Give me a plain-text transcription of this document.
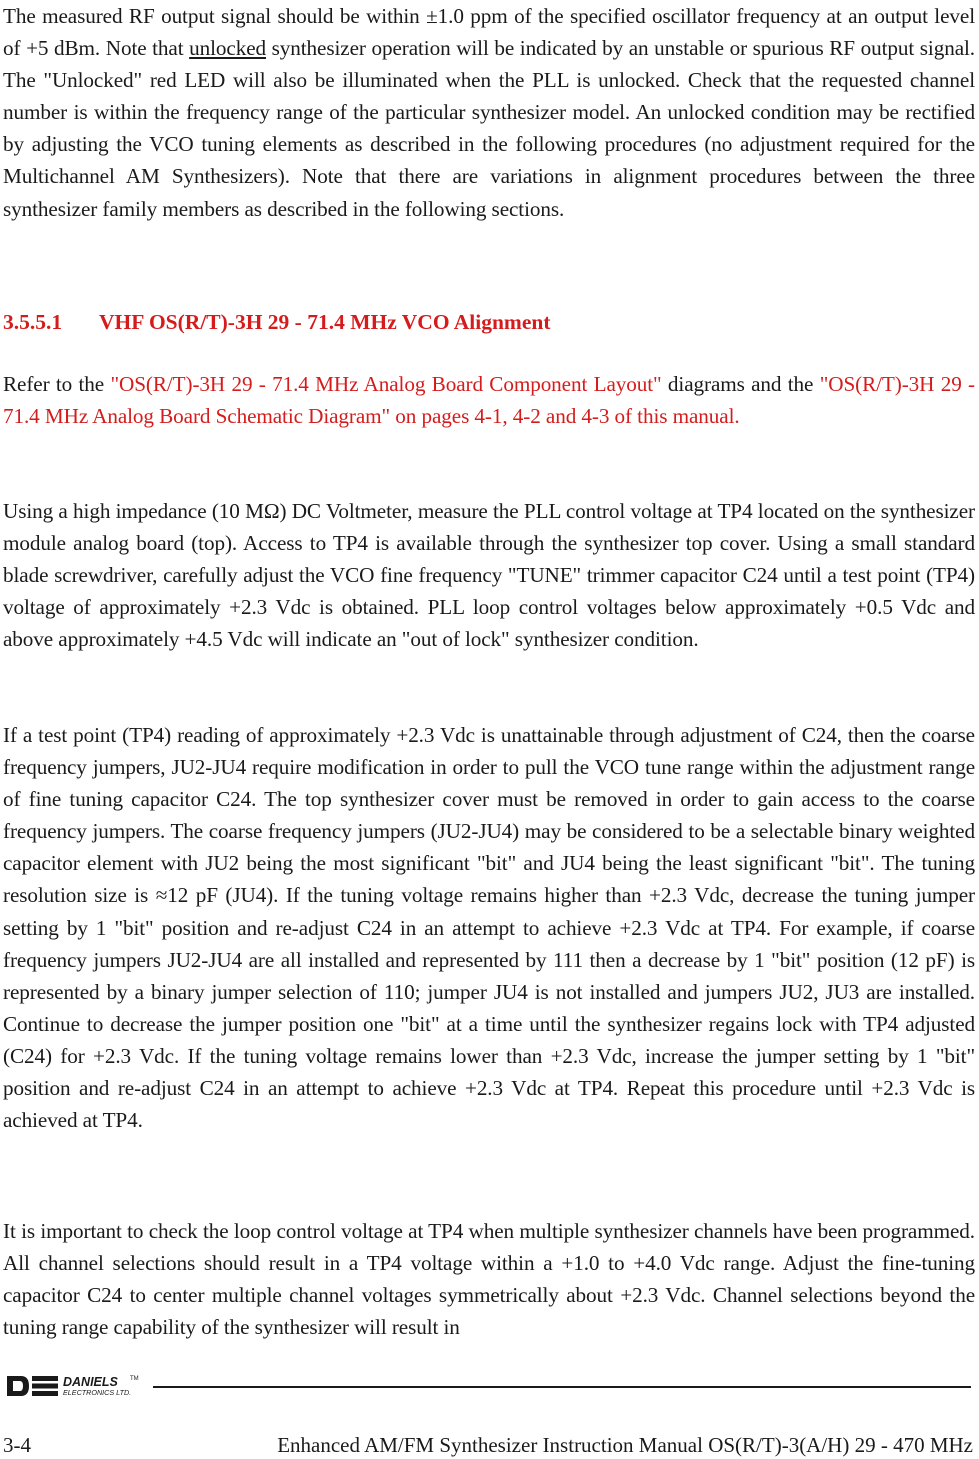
The measured RF output signal should be within ±1.0 ppm of the specified oscillator frequency at an output level of +5 dBm. Note that unlocked synthesizer operation will be indicated by an unstable or spurious RF output signal. The "Unlocked" red LED will also be illuminated when the PLL is unlocked. Check that the requested channel number is within the frequency range of the particular synthesizer model. An unlocked condition may be rectified by adjusting the VCO tuning elements as described in the following procedures (no adjustment required for the Multichannel AM Synthesizers). Note that there are variations in alignment procedures between the three synthesizer family members as described in the following sections.

3.5.5.1 VHF OS(R/T)-3H 29 - 71.4 MHz VCO Alignment

Refer to the "OS(R/T)-3H 29 - 71.4 MHz Analog Board Component Layout" diagrams and the "OS(R/T)-3H 29 - 71.4 MHz Analog Board Schematic Diagram" on pages 4-1, 4-2 and 4-3 of this manual.

Using a high impedance (10 MΩ) DC Voltmeter, measure the PLL control voltage at TP4 located on the synthesizer module analog board (top). Access to TP4 is available through the synthesizer top cover. Using a small standard blade screwdriver, carefully adjust the VCO fine frequency "TUNE" trimmer capacitor C24 until a test point (TP4) voltage of approximately +2.3 Vdc is obtained. PLL loop control voltages below approximately +0.5 Vdc and above approximately +4.5 Vdc will indicate an "out of lock" synthesizer condition.

If a test point (TP4) reading of approximately +2.3 Vdc is unattainable through adjustment of C24, then the coarse frequency jumpers, JU2-JU4 require modification in order to pull the VCO tune range within the adjustment range of fine tuning capacitor C24. The top synthesizer cover must be removed in order to gain access to the coarse frequency jumpers. The coarse frequency jumpers (JU2-JU4) may be considered to be a selectable binary weighted capacitor element with JU2 being the most significant "bit" and JU4 being the least significant "bit". The tuning resolution size is ≈12 pF (JU4). If the tuning voltage remains higher than +2.3 Vdc, decrease the tuning jumper setting by 1 "bit" position and re-adjust C24 in an attempt to achieve +2.3 Vdc at TP4. For example, if coarse frequency jumpers JU2-JU4 are all installed and represented by 111 then a decrease by 1 "bit" position (12 pF) is represented by a binary jumper selection of 110; jumper JU4 is not installed and jumpers JU2, JU3 are installed. Continue to decrease the jumper position one "bit" at a time until the synthesizer regains lock with TP4 adjusted (C24) for +2.3 Vdc. If the tuning voltage remains lower than +2.3 Vdc, increase the jumper setting by 1 "bit" position and re-adjust C24 in an attempt to achieve +2.3 Vdc at TP4. Repeat this procedure until +2.3 Vdc is achieved at TP4.

It is important to check the loop control voltage at TP4 when multiple synthesizer channels have been programmed. All channel selections should result in a TP4 voltage within a +1.0 to +4.0 Vdc range. Adjust the fine-tuning capacitor C24 to center multiple channel voltages symmetrically about +2.3 Vdc. Channel selections beyond the tuning range capability of the synthesizer will result in

DANIELS TM
ELECTRONICS LTD.
3-4	Enhanced AM/FM Synthesizer Instruction Manual OS(R/T)-3(A/H) 29 - 470 MHz
